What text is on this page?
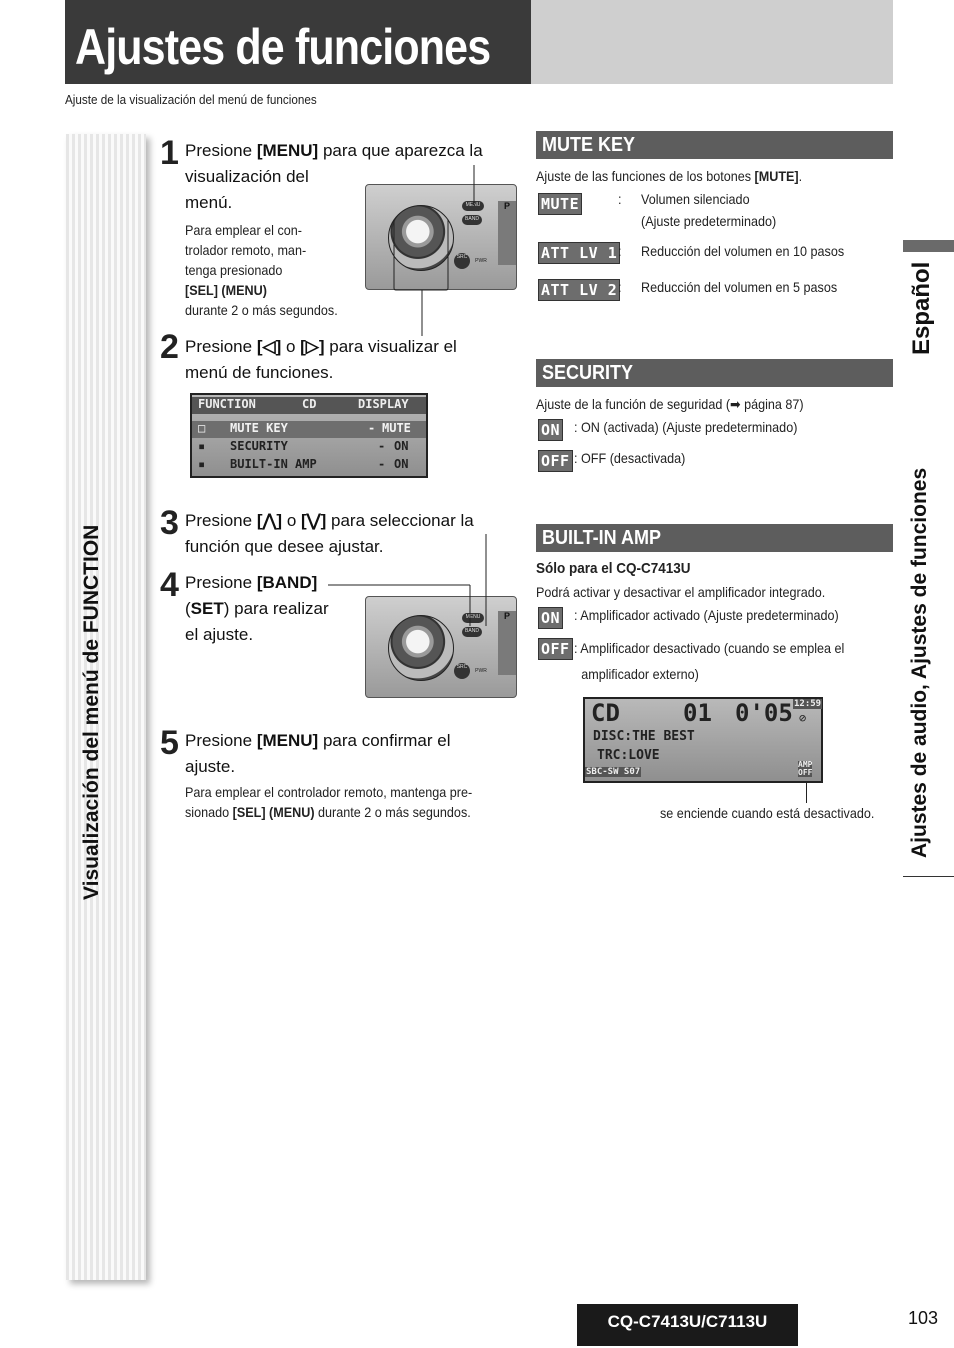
Ajustes de funciones
Ajuste de la visualización del menú de funciones
Visualización del menú de FUNCTION
Español
Ajustes de audio, Ajustes de funciones
1 Presione [MENU] para que aparezca la
visualización del
menú.
Para emplear el con-
trolador remoto, man-
tenga presionado
[SEL] (MENU)
durante 2 o más segundos.
MENU
BAND
SRC
PWR
P
2 Presione [◁] o [▷] para visualizar el
menú de funciones.
FUNCTION	CD	DISPLAY
□ MUTE KEY	- MUTE
▪ SECURITY	- ON
▪ BUILT-IN AMP	- ON
3 Presione [⋀] o [⋁] para seleccionar la
función que desee ajustar.
4 Presione [BAND]
(SET) para realizar
el ajuste.
MENU
BAND
SRC
PWR
P
5 Presione [MENU] para confirmar el
ajuste.
Para emplear el controlador remoto, mantenga pre-
sionado [SEL] (MENU) durante 2 o más segundos.
MUTE KEY
Ajuste de las funciones de los botones [MUTE].
MUTE	: Volumen silenciado
(Ajuste predeterminado)
ATT LV 1 : Reducción del volumen en 10 pasos
ATT LV 2 : Reducción del volumen en 5 pasos
SECURITY
Ajuste de la función de seguridad (➡ página 87)
ON : ON (activada) (Ajuste predeterminado)
OFF : OFF (desactivada)
BUILT-IN AMP
Sólo para el CQ-C7413U
Podrá activar y desactivar el amplificador integrado.
ON : Amplificador activado (Ajuste predeterminado)
OFF : Amplificador desactivado (cuando se emplea el
amplificador externo)
CD	01 0'05 12:59
⊘
DISC:THE BEST
TRC:LOVE
SBC-SW S07
AMP
OFF
se enciende cuando está desactivado.
CQ-C7413U/C7113U	103
